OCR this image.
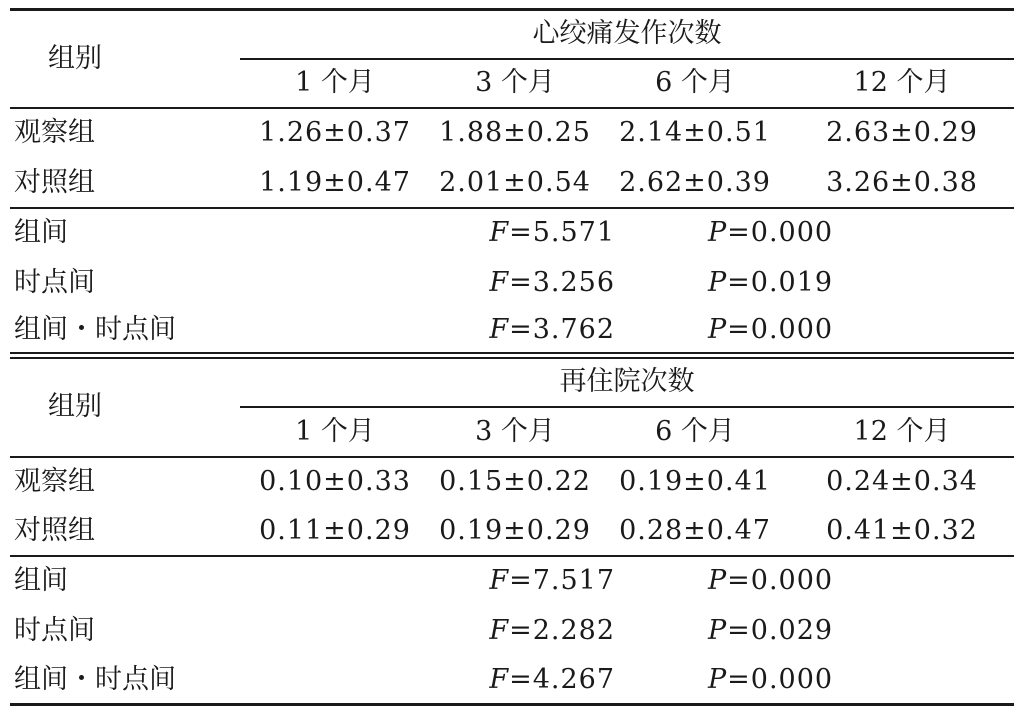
组别
心绞痛发作次数
1 个月	3 个月	6 个月	12 个月
观察组	1.26±0.37	1.88±0.25	2.14±0.51	2.63±0.29
对照组	1.19±0.47	2.01±0.54	2.62±0.39	3.26±0.38
组间	F=5.571	P=0.000
时点间	F=3.256	P=0.019
组间・时点间	F=3.762	P=0.000
组别
再住院次数
1 个月	3 个月	6 个月	12 个月
观察组	0.10±0.33	0.15±0.22	0.19±0.41	0.24±0.34
对照组	0.11±0.29	0.19±0.29	0.28±0.47	0.41±0.32
组间	F=7.517	P=0.000
时点间	F=2.282	P=0.029
组间・时点间	F=4.267	P=0.000
